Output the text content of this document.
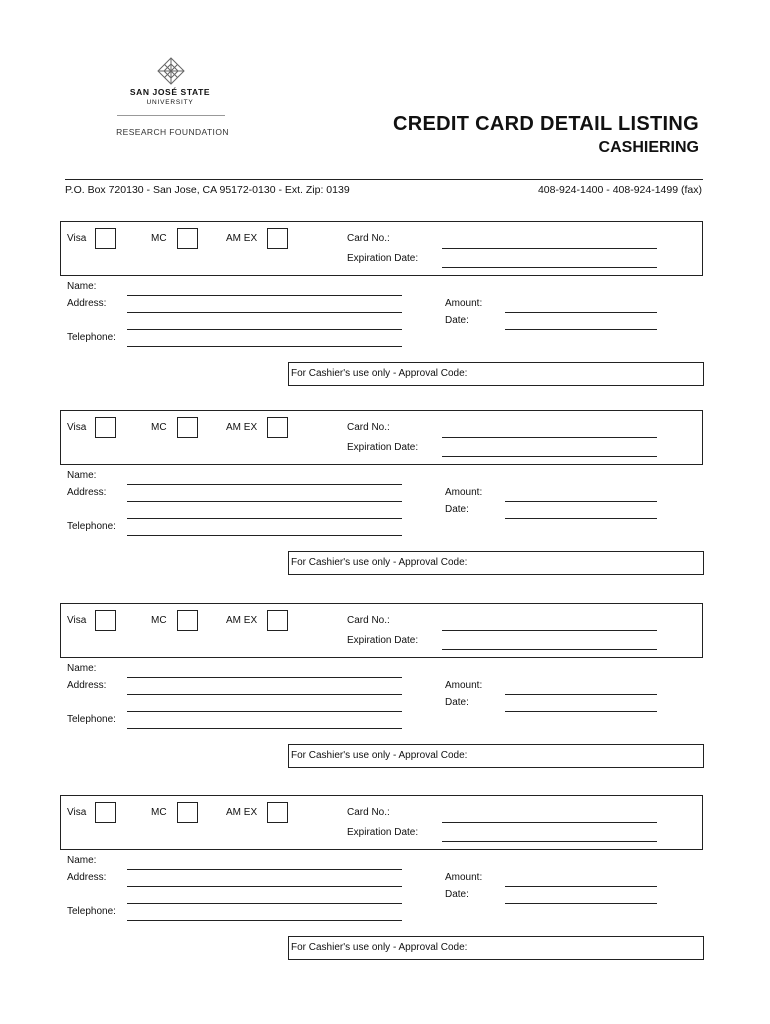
SAN JOSÉ STATE
UNIVERSITY
RESEARCH FOUNDATION	CREDIT CARD DETAIL LISTING
CASHIERING
P.O. Box 720130 - San Jose, CA 95172-0130 - Ext. Zip: 0139	408-924-1400 - 408-924-1499 (fax)
Visa	MC	AM EX	Card No.:
Expiration Date:
Name:
Address:
Telephone:
Amount:
Date:
For Cashier's use only - Approval Code:
Visa	MC	AM EX	Card No.:
Expiration Date:
Name:
Address:
Telephone:
Amount:
Date:
For Cashier's use only - Approval Code:
Visa	MC	AM EX	Card No.:
Expiration Date:
Name:
Address:
Telephone:
Amount:
Date:
For Cashier's use only - Approval Code:
Visa	MC	AM EX	Card No.:
Expiration Date:
Name:
Address:
Telephone:
Amount:
Date:
For Cashier's use only - Approval Code:
